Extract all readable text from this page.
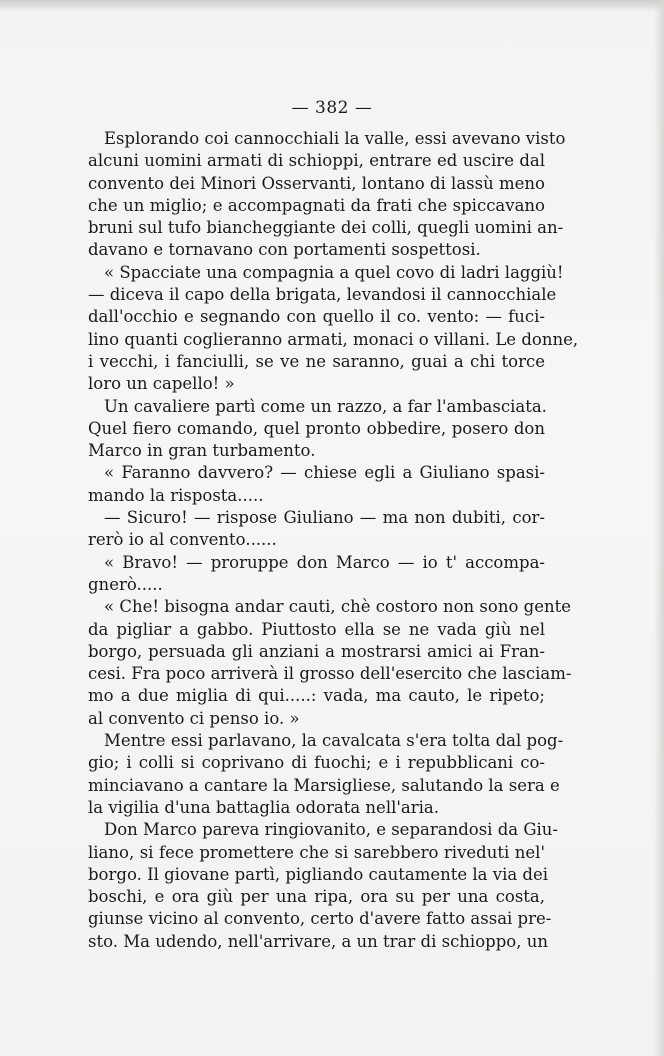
— 382 —
Esplorando coi cannocchiali la valle, essi avevano visto
alcuni uomini armati di schioppi, entrare ed uscire dal
convento dei Minori Osservanti, lontano di lassù meno
che un miglio; e accompagnati da frati che spiccavano
bruni sul tufo biancheggiante dei colli, quegli uomini an-
davano e tornavano con portamenti sospettosi.
« Spacciate una compagnia a quel covo di ladri laggiù!
— diceva il capo della brigata, levandosi il cannocchiale
dall'occhio e segnando con quello il co. vento: — fuci-
lino quanti coglieranno armati, monaci o villani. Le donne,
i vecchi, i fanciulli, se ve ne saranno, guai a chi torce
loro un capello! »
Un cavaliere partì come un razzo, a far l'ambasciata.
Quel fiero comando, quel pronto obbedire, posero don
Marco in gran turbamento.
« Faranno davvero? — chiese egli a Giuliano spasi-
mando la risposta.....
— Sicuro! — rispose Giuliano — ma non dubiti, cor-
rerò io al convento......
« Bravo! — proruppe don Marco — io t' accompa-
gnerò.....
« Che! bisogna andar cauti, chè costoro non sono gente
da pigliar a gabbo. Piuttosto ella se ne vada giù nel
borgo, persuada gli anziani a mostrarsi amici ai Fran-
cesi. Fra poco arriverà il grosso dell'esercito che lasciam-
mo a due miglia di qui.....: vada, ma cauto, le ripeto;
al convento ci penso io. »
Mentre essi parlavano, la cavalcata s'era tolta dal pog-
gio; i colli si coprivano di fuochi; e i repubblicani co-
minciavano a cantare la Marsigliese, salutando la sera e
la vigilia d'una battaglia odorata nell'aria.
Don Marco pareva ringiovanito, e separandosi da Giu-
liano, si fece promettere che si sarebbero riveduti nel'
borgo. Il giovane partì, pigliando cautamente la via dei
boschi, e ora giù per una ripa, ora su per una costa,
giunse vicino al convento, certo d'avere fatto assai pre-
sto. Ma udendo, nell'arrivare, a un trar di schioppo, un
